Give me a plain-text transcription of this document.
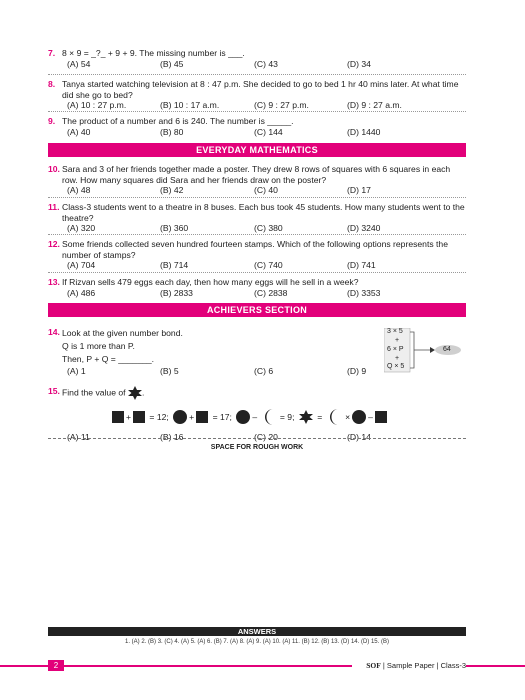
7. 8 × 9 = _?_ + 9 + 9. The missing number is ___.
(A) 54	(B) 45	(C) 43	(D) 34
8. Tanya started watching television at 8 : 47 p.m. She decided to go to bed 1 hr 40 mins later. At what time did she go to bed?
(A) 10 : 27 p.m.	(B) 10 : 17 a.m.	(C) 9 : 27 p.m.	(D) 9 : 27 a.m.
9. The product of a number and 6 is 240. The number is _____.
(A) 40	(B) 80	(C) 144	(D) 1440
EVERYDAY MATHEMATICS
10. Sara and 3 of her friends together made a poster. They drew 8 rows of squares with 6 squares in each row. How many squares did Sara and her friends draw on the poster?
(A) 48	(B) 42	(C) 40	(D) 17
11. Class-3 students went to a theatre in 8 buses. Each bus took 45 students. How many students went to the theatre?
(A) 320	(B) 360	(C) 380	(D) 3240
12. Some friends collected seven hundred fourteen stamps. Which of the following options represents the number of stamps?
(A) 704	(B) 714	(C) 740	(D) 741
13. If Rizvan sells 479 eggs each day, then how many eggs will he sell in a week?
(A) 486	(B) 2833	(C) 2838	(D) 3353
ACHIEVERS SECTION
14. Look at the given number bond.
Q is 1 more than P.
Then, P + Q = _______.
(A) 1	(B) 5	(C) 6	(D) 9
3 × 5
+
6 × P
+
Q × 5
64
15. Find the value of .
+ = 12; + = 17; –	= 9;	=	× –
(A) 11	(B) 16	(C) 20	(D) 14
SPACE FOR ROUGH WORK
ANSWERS
1. (A) 2. (B) 3. (C) 4. (A) 5. (A) 6. (B) 7. (A) 8. (A) 9. (A) 10. (A) 11. (B) 12. (B) 13. (D) 14. (D) 15. (B)
2	SOF | Sample Paper | Class-3
